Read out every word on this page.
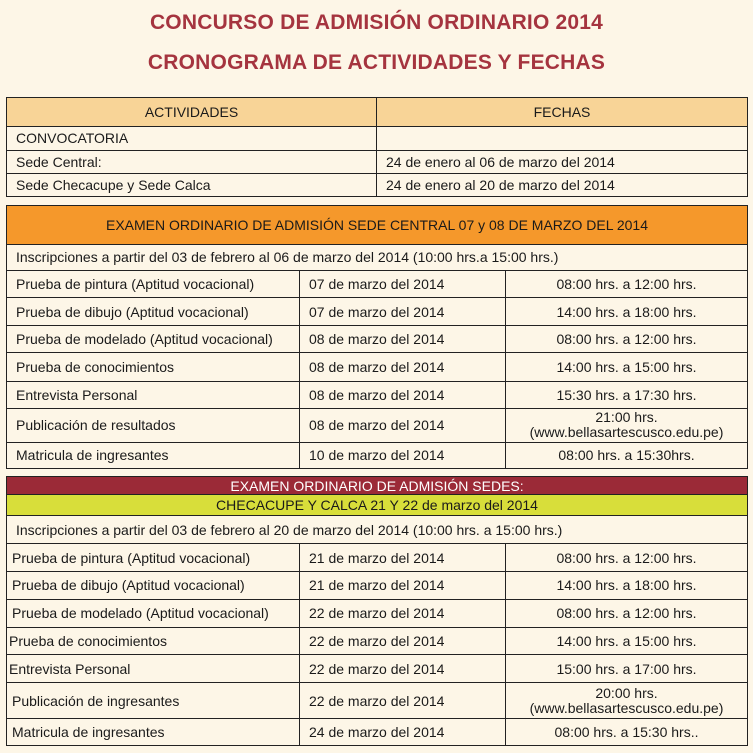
CONCURSO DE ADMISIÓN ORDINARIO 2014
CRONOGRAMA DE ACTIVIDADES Y FECHAS
ACTIVIDADES	FECHAS
CONVOCATORIA	
Sede Central:	24 de enero al 06 de marzo del 2014
Sede Checacupe y Sede Calca	24 de enero al 20 de marzo del 2014
EXAMEN ORDINARIO DE ADMISIÓN SEDE CENTRAL 07 y 08 DE MARZO DEL 2014		
Inscripciones a partir del 03 de febrero al 06 de marzo del 2014 (10:00 hrs.a 15:00 hrs.)		
Prueba de pintura (Aptitud vocacional)	07 de marzo del 2014	08:00 hrs. a 12:00 hrs.
Prueba de dibujo (Aptitud vocacional)	07 de marzo del 2014	14:00 hrs. a 18:00 hrs.
Prueba de modelado (Aptitud vocacional)	08 de marzo del 2014	08:00 hrs. a 12:00 hrs.
Prueba de conocimientos	08 de marzo del 2014	14:00 hrs. a 15:00 hrs.
Entrevista Personal	08 de marzo del 2014	15:30 hrs. a 17:30 hrs.
Publicación de resultados	08 de marzo del 2014	21:00 hrs.
(www.bellasartescusco.edu.pe)

Matricula de ingresantes	10 de marzo del 2014	08:00 hrs. a 15:30hrs.
EXAMEN ORDINARIO DE ADMISIÓN SEDES:		
CHECACUPE Y CALCA 21 Y 22 de marzo del 2014		
Inscripciones a partir del 03 de febrero al 20 de marzo del 2014 (10:00 hrs. a 15:00 hrs.)		
Prueba de pintura (Aptitud vocacional)	21 de marzo del 2014	08:00 hrs. a 12:00 hrs.
Prueba de dibujo (Aptitud vocacional)	21 de marzo del 2014	14:00 hrs. a 18:00 hrs.
Prueba de modelado (Aptitud vocacional)	22 de marzo del 2014	08:00 hrs. a 12:00 hrs.
Prueba de conocimientos	22 de marzo del 2014	14:00 hrs. a 15:00 hrs.
Entrevista Personal	22 de marzo del 2014	15:00 hrs. a 17:00 hrs.
Publicación de ingresantes	22 de marzo del 2014	20:00 hrs.
(www.bellasartescusco.edu.pe)

Matricula de ingresantes	24 de marzo del 2014	08:00 hrs. a 15:30 hrs..
